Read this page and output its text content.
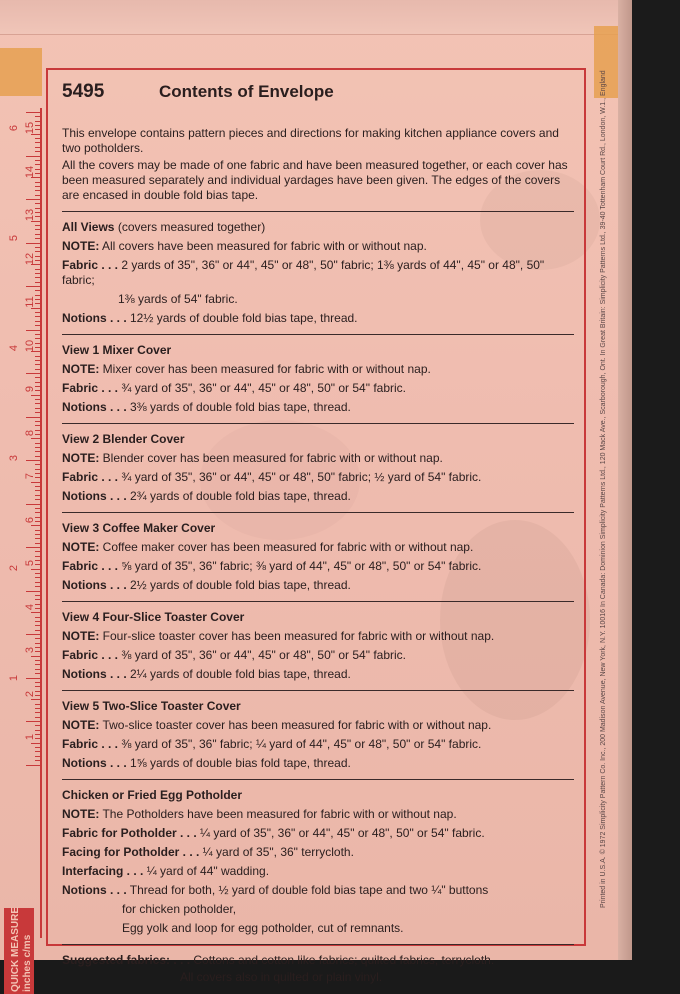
15
14
13
12
11
10
9
8
7
6
5
4
3
2
1
6
5
4
3
2
1
QUICK MEASURE inches c/ms
5495	Contents of Envelope

This envelope contains pattern pieces and directions for making kitchen appliance covers and two potholders.

All the covers may be made of one fabric and have been measured together, or each cover has been measured separately and individual yardages have been given. The edges of the covers are encased in double fold bias tape.

All Views (covers measured together)

NOTE: All covers have been measured for fabric with or without nap.

Fabric . . . 2 yards of 35", 36" or 44", 45" or 48", 50" fabric; 1⅜ yards of 44", 45" or 48", 50" fabric;

1⅜ yards of 54" fabric.

Notions . . . 12½ yards of double fold bias tape, thread.

View 1 Mixer Cover

NOTE: Mixer cover has been measured for fabric with or without nap.

Fabric . . . ¾ yard of 35", 36" or 44", 45" or 48", 50" or 54" fabric.

Notions . . . 3⅜ yards of double fold bias tape, thread.

View 2 Blender Cover

NOTE: Blender cover has been measured for fabric with or without nap.

Fabric . . . ¾ yard of 35", 36" or 44", 45" or 48", 50" fabric; ½ yard of 54" fabric.

Notions . . . 2¾ yards of double fold bias tape, thread.

View 3 Coffee Maker Cover

NOTE: Coffee maker cover has been measured for fabric with or without nap.

Fabric . . . ⅝ yard of 35", 36" fabric; ⅜ yard of 44", 45" or 48", 50" or 54" fabric.

Notions . . . 2½ yards of double fold bias tape, thread.

View 4 Four-Slice Toaster Cover

NOTE: Four-slice toaster cover has been measured for fabric with or without nap.

Fabric . . . ⅜ yard of 35", 36" or 44", 45" or 48", 50" or 54" fabric.

Notions . . . 2¼ yards of double fold bias tape, thread.

View 5 Two-Slice Toaster Cover

NOTE: Two-slice toaster cover has been measured for fabric with or without nap.

Fabric . . . ⅜ yard of 35", 36" fabric; ¼ yard of 44", 45" or 48", 50" or 54" fabric.

Notions . . . 1⅝ yards of double bias fold tape, thread.

Chicken or Fried Egg Potholder

NOTE: The Potholders have been measured for fabric with or without nap.

Fabric for Potholder . . . ¼ yard of 35", 36" or 44", 45" or 48", 50" or 54" fabric.

Facing for Potholder . . . ¼ yard of 35", 36" terrycloth.

Interfacing . . . ¼ yard of 44" wadding.

Notions . . . Thread for both, ½ yard of double fold bias tape and two ¼" buttons

for chicken potholder,

Egg yolk and loop for egg potholder, cut of remnants.

Suggested fabrics: . . . Cottons and cotton like fabrics; quilted fabrics, terrycloth.

All covers also in quilted or plain vinyl.

Printed in U.S.A. © 1972 Simplicity Pattern Co. Inc., 200 Madison Avenue, New York, N.Y. 10016 In Canada: Dominion Simplicity Patterns Ltd., 120 Mack Ave., Scarborough, Ont. In Great Britain: Simplicity Patterns Ltd., 39-40 Tottenham Court Rd., London, W.1., England
